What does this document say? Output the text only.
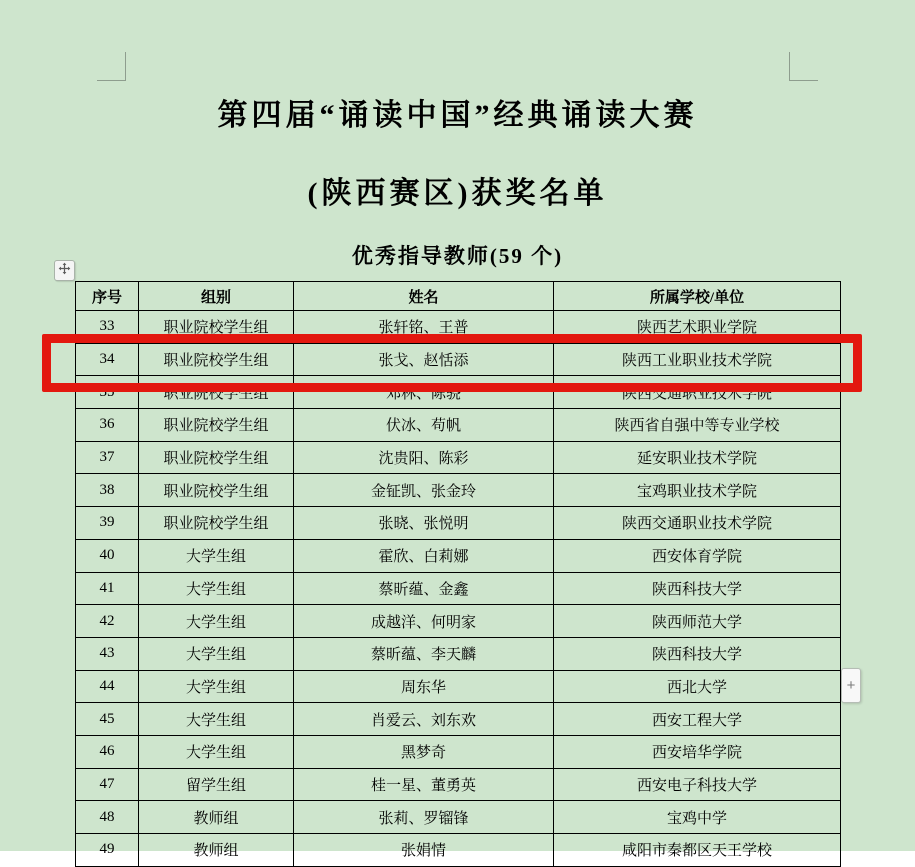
第四届“诵读中国”经典诵读大赛
(陕西赛区)获奖名单
优秀指导教师(59 个)
序号	组别	姓名	所属学校/单位
33	职业院校学生组	张轩铭、王普	陕西艺术职业学院
34	职业院校学生组	张戈、赵恬添	陕西工业职业技术学院
35	职业院校学生组	邓林、陈骁	陕西交通职业技术学院
36	职业院校学生组	伏冰、苟帆	陕西省自强中等专业学校
37	职业院校学生组	沈贵阳、陈彩	延安职业技术学院
38	职业院校学生组	金钲凯、张金玲	宝鸡职业技术学院
39	职业院校学生组	张晓、张悦明	陕西交通职业技术学院
40	大学生组	霍欣、白莉娜	西安体育学院
41	大学生组	蔡昕蕴、金鑫	陕西科技大学
42	大学生组	成越洋、何明家	陕西师范大学
43	大学生组	蔡昕蕴、李天麟	陕西科技大学
44	大学生组	周东华	西北大学
45	大学生组	肖爱云、刘东欢	西安工程大学
46	大学生组	黑梦奇	西安培华学院
47	留学生组	桂一星、董勇英	西安电子科技大学
48	教师组	张莉、罗镏锋	宝鸡中学
49	教师组	张娟情	咸阳市秦都区天王学校
+
